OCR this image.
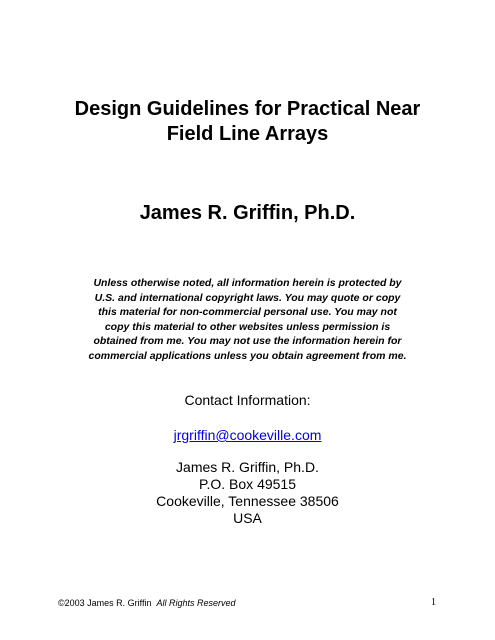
Design Guidelines for Practical Near
Field Line Arrays
James R. Griffin, Ph.D.
Unless otherwise noted, all information herein is protected by
U.S. and international copyright laws. You may quote or copy
this material for non-commercial personal use. You may not
copy this material to other websites unless permission is
obtained from me. You may not use the information herein for
commercial applications unless you obtain agreement from me.
Contact Information:
jrgriffin@cookeville.com
James R. Griffin, Ph.D.
P.O. Box 49515
Cookeville, Tennessee 38506
USA
©2003 James R. Griffin All Rights Reserved	1
